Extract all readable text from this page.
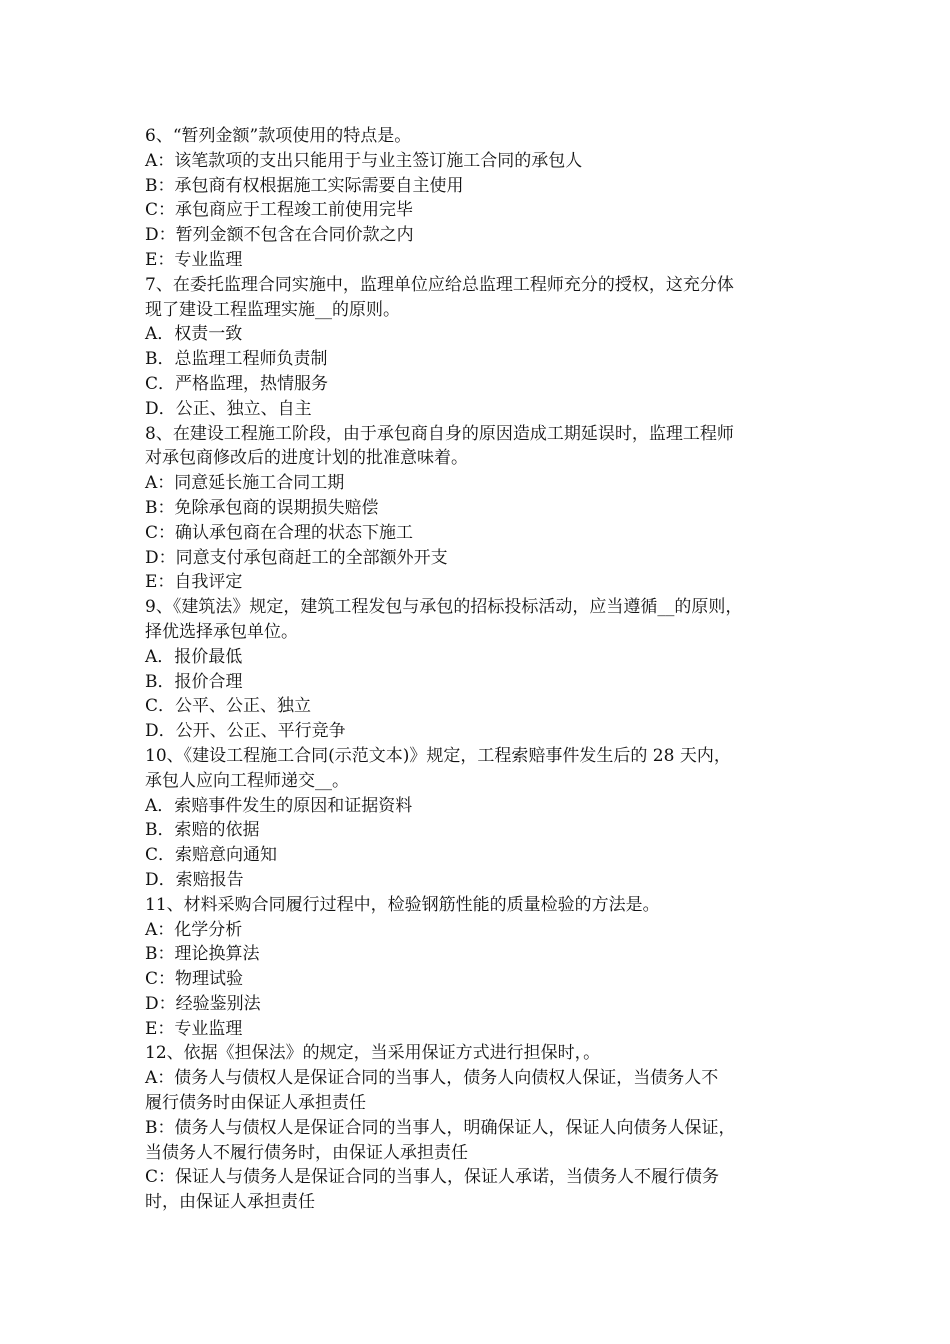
6、“暂列金额”款项使用的特点是。
A：该笔款项的支出只能用于与业主签订施工合同的承包人
B：承包商有权根据施工实际需要自主使用
C：承包商应于工程竣工前使用完毕
D：暂列金额不包含在合同价款之内
E：专业监理
7、在委托监理合同实施中，监理单位应给总监理工程师充分的授权，这充分体
现了建设工程监理实施__的原则。
A．权责一致
B．总监理工程师负责制
C．严格监理，热情服务
D．公正、独立、自主
8、在建设工程施工阶段，由于承包商自身的原因造成工期延误时，监理工程师
对承包商修改后的进度计划的批准意味着。
A：同意延长施工合同工期
B：免除承包商的误期损失赔偿
C：确认承包商在合理的状态下施工
D：同意支付承包商赶工的全部额外开支
E：自我评定
9、《建筑法》规定，建筑工程发包与承包的招标投标活动，应当遵循__的原则，
择优选择承包单位。
A．报价最低
B．报价合理
C．公平、公正、独立
D．公开、公正、平行竞争
10、《建设工程施工合同(示范文本)》规定，工程索赔事件发生后的 28 天内，
承包人应向工程师递交__。
A．索赔事件发生的原因和证据资料
B．索赔的依据
C．索赔意向通知
D．索赔报告
11、材料采购合同履行过程中，检验钢筋性能的质量检验的方法是。
A：化学分析
B：理论换算法
C：物理试验
D：经验鉴别法
E：专业监理
12、依据《担保法》的规定，当采用保证方式进行担保时，。
A：债务人与债权人是保证合同的当事人，债务人向债权人保证，当债务人不
履行债务时由保证人承担责任
B：债务人与债权人是保证合同的当事人，明确保证人，保证人向债务人保证，
当债务人不履行债务时，由保证人承担责任
C：保证人与债务人是保证合同的当事人，保证人承诺，当债务人不履行债务
时，由保证人承担责任
